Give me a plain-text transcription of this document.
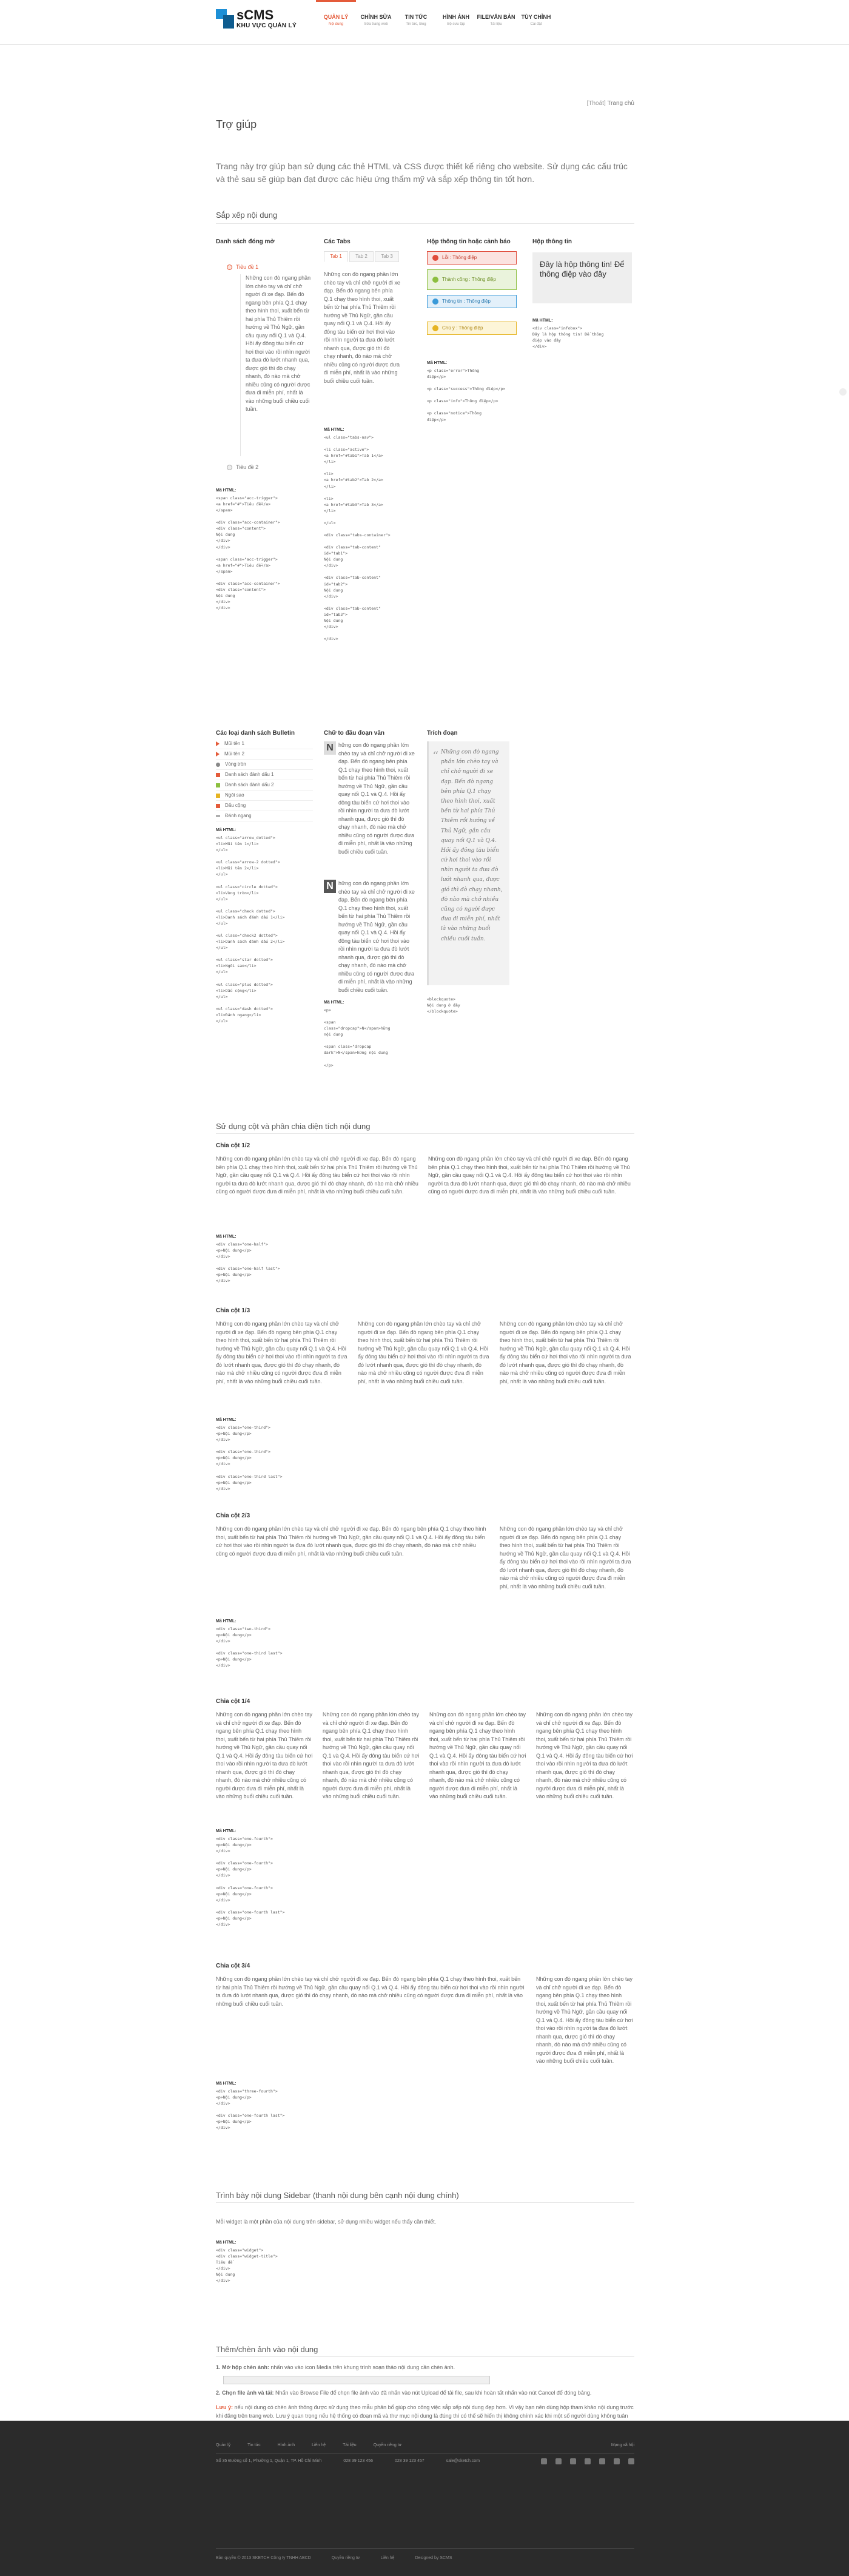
sCMS
KHU VỰC QUẢN LÝ
QUẢN LÝ
Nội dung
CHỈNH SỬA
Sửa trang web
TIN TỨC
Tin tức, blog
HÌNH ẢNH
Bộ sưu tập
FILE/VĂN BẢN
Tài liệu
TÙY CHỈNH
Cài đặt
[Thoát] Trang chủ
Trợ giúp

Trang này trợ giúp bạn sử dụng các thẻ HTML và CSS được thiết kế riêng cho website. Sử dụng các cấu trúc và thẻ sau sẽ giúp bạn đạt được các hiệu ứng thẩm mỹ và sắp xếp thông tin tốt hơn.

Sắp xếp nội dung
Danh sách đóng mở
Tiêu đề 1
Những con đò ngang phần lớn chèo tay và chỉ chở người đi xe đạp. Bến đò ngang bên phía Q.1 chạy theo hình thoi, xuất bến từ hai phía Thủ Thiêm rồi hướng về Thủ Ngữ, gần cầu quay nối Q.1 và Q.4. Hồi ấy đông tàu biển cứ hơi thoi vào rồi nhìn người ta đưa đò lướt nhanh qua, được gió thì đò chạy nhanh, đò nào mà chở nhiều cũng có người được đưa đi miễn phí, nhất là vào những buổi chiều cuối tuần.
Tiêu đề 2
Mã HTML:
<span class="acc-trigger">
<a href="#">Tiêu đề</a>
</span>

<div class="acc-container">
<div class="content">
Nội dung
</div>
</div>

<span class="acc-trigger">
<a href="#">Tiêu đề</a>
</span>

<div class="acc-container">
<div class="content">
Nội dung
</div>
</div>
Các Tabs
Tab 1	Tab 2	Tab 3
Những con đò ngang phần lớn chèo tay và chỉ chở người đi xe đạp. Bến đò ngang bên phía Q.1 chạy theo hình thoi, xuất bến từ hai phía Thủ Thiêm rồi hướng về Thủ Ngữ, gần cầu quay nối Q.1 và Q.4. Hồi ấy đông tàu biển cứ hơi thoi vào rồi nhìn người ta đưa đò lướt nhanh qua, được gió thì đò chạy nhanh, đò nào mà chở nhiều cũng có người được đưa đi miễn phí, nhất là vào những buổi chiều cuối tuần.
Mã HTML:
<ul class="tabs-nav">

<li class="active">
<a href="#tab1">Tab 1</a>
</li>

<li>
<a href="#tab2">Tab 2</a>
</li>

<li>
<a href="#tab3">Tab 3</a>
</li>

</ul>

<div class="tabs-container">

<div class="tab-content"
id="tab1">
Nội dung
</div>

<div class="tab-content"
id="tab2">
Nội dung
</div>

<div class="tab-content"
id="tab3">
Nội dung
</div>

</div>
Hộp thông tin hoặc cảnh báo
Lỗi : Thông điệp
Thành công : Thông điệp
Thông tin : Thông điệp
Chú ý : Thông điệp
Mã HTML:
<p class="error">Thông
điệp</p>

<p class="success">Thông điệp</p>

<p class="info">Thông điệp</p>

<p class="notice">Thông
điệp</p>
Hộp thông tin
Đây là hộp thông tin! Để thông điệp vào đây
Mã HTML:
<div class="infobox">
Đây là hộp thông tin! Để thông
điệp vào đây
</div>
Các loại danh sách Bulletin
Mũi tên 1
Mũi tên 2
Vòng tròn
Danh sách đánh dấu 1
Danh sách đánh dấu 2
Ngôi sao
Dấu cộng
Đánh ngang
Mã HTML:
<ul class="arrow_dotted">
<li>Mũi tên 1</li>
</ul>

<ul class="arrow-2 dotted">
<li>Mũi tên 2</li>
</ul>

<ul class="circle dotted">
<li>Vòng tròn</li>
</ul>

<ul class="check dotted">
<li>Danh sách đánh dấu 1</li>
</ul>

<ul class="check2 dotted">
<li>Danh sách đánh dấu 2</li>
</ul>

<ul class="star dotted">
<li>Ngôi sao</li>
</ul>

<ul class="plus dotted">
<li>Dấu cộng</li>
</ul>

<ul class="dash dotted">
<li>Đánh ngang</li>
</ul>
Chữ to đầu đoạn văn
N hững con đò ngang phần lớn chèo tay và chỉ chở người đi xe đạp. Bến đò ngang bên phía Q.1 chạy theo hình thoi, xuất bến từ hai phía Thủ Thiêm rồi hướng về Thủ Ngữ, gần cầu quay nối Q.1 và Q.4. Hồi ấy đông tàu biển cứ hơi thoi vào rồi nhìn người ta đưa đò lướt nhanh qua, được gió thì đò chạy nhanh, đò nào mà chở nhiều cũng có người được đưa đi miễn phí, nhất là vào những buổi chiều cuối tuần.
N hững con đò ngang phần lớn chèo tay và chỉ chở người đi xe đạp. Bến đò ngang bên phía Q.1 chạy theo hình thoi, xuất bến từ hai phía Thủ Thiêm rồi hướng về Thủ Ngữ, gần cầu quay nối Q.1 và Q.4. Hồi ấy đông tàu biển cứ hơi thoi vào rồi nhìn người ta đưa đò lướt nhanh qua, được gió thì đò chạy nhanh, đò nào mà chở nhiều cũng có người được đưa đi miễn phí, nhất là vào những buổi chiều cuối tuần.
Mã HTML:
<p>

<span
class="dropcap">N</span>hững
nội dung

<span class="dropcap
dark">N</span>hững nội dung

</p>
Trích đoạn
“ Những con đò ngang phần lớn chèo tay và chỉ chở người đi xe đạp. Bến đò ngang bên phía Q.1 chạy theo hình thoi, xuất bến từ hai phía Thủ Thiêm rồi hướng về Thủ Ngữ, gần cầu quay nối Q.1 và Q.4. Hồi ấy đông tàu biển cứ hơi thoi vào rồi nhìn người ta đưa đò lướt nhanh qua, được gió thì đò chạy nhanh, đò nào mà chở nhiều cũng có người được đưa đi miễn phí, nhất là vào những buổi chiều cuối tuần.
<blockquote>
Nội dung ở đây
</blockquote>
Sử dụng cột và phân chia diện tích nội dung
Chia cột 1/2
Những con đò ngang phần lớn chèo tay và chỉ chở người đi xe đạp. Bến đò ngang bên phía Q.1 chạy theo hình thoi, xuất bến từ hai phía Thủ Thiêm rồi hướng về Thủ Ngữ, gần cầu quay nối Q.1 và Q.4. Hồi ấy đông tàu biển cứ hơi thoi vào rồi nhìn người ta đưa đò lướt nhanh qua, được gió thì đò chạy nhanh, đò nào mà chở nhiều cũng có người được đưa đi miễn phí, nhất là vào những buổi chiều cuối tuần.
Những con đò ngang phần lớn chèo tay và chỉ chở người đi xe đạp. Bến đò ngang bên phía Q.1 chạy theo hình thoi, xuất bến từ hai phía Thủ Thiêm rồi hướng về Thủ Ngữ, gần cầu quay nối Q.1 và Q.4. Hồi ấy đông tàu biển cứ hơi thoi vào rồi nhìn người ta đưa đò lướt nhanh qua, được gió thì đò chạy nhanh, đò nào mà chở nhiều cũng có người được đưa đi miễn phí, nhất là vào những buổi chiều cuối tuần.
Mã HTML:
<div class="one-half">
<p>Nội dung</p>
</div>

<div class="one-half last">
<p>Nội dung</p>
</div>
Chia cột 1/3
Những con đò ngang phần lớn chèo tay và chỉ chở người đi xe đạp. Bến đò ngang bên phía Q.1 chạy theo hình thoi, xuất bến từ hai phía Thủ Thiêm rồi hướng về Thủ Ngữ, gần cầu quay nối Q.1 và Q.4. Hồi ấy đông tàu biển cứ hơi thoi vào rồi nhìn người ta đưa đò lướt nhanh qua, được gió thì đò chạy nhanh, đò nào mà chở nhiều cũng có người được đưa đi miễn phí, nhất là vào những buổi chiều cuối tuần.
Những con đò ngang phần lớn chèo tay và chỉ chở người đi xe đạp. Bến đò ngang bên phía Q.1 chạy theo hình thoi, xuất bến từ hai phía Thủ Thiêm rồi hướng về Thủ Ngữ, gần cầu quay nối Q.1 và Q.4. Hồi ấy đông tàu biển cứ hơi thoi vào rồi nhìn người ta đưa đò lướt nhanh qua, được gió thì đò chạy nhanh, đò nào mà chở nhiều cũng có người được đưa đi miễn phí, nhất là vào những buổi chiều cuối tuần.
Những con đò ngang phần lớn chèo tay và chỉ chở người đi xe đạp. Bến đò ngang bên phía Q.1 chạy theo hình thoi, xuất bến từ hai phía Thủ Thiêm rồi hướng về Thủ Ngữ, gần cầu quay nối Q.1 và Q.4. Hồi ấy đông tàu biển cứ hơi thoi vào rồi nhìn người ta đưa đò lướt nhanh qua, được gió thì đò chạy nhanh, đò nào mà chở nhiều cũng có người được đưa đi miễn phí, nhất là vào những buổi chiều cuối tuần.
Mã HTML:
<div class="one-third">
<p>Nội dung</p>
</div>

<div class="one-third">
<p>Nội dung</p>
</div>

<div class="one-third last">
<p>Nội dung</p>
</div>
Chia cột 2/3
Những con đò ngang phần lớn chèo tay và chỉ chở người đi xe đạp. Bến đò ngang bên phía Q.1 chạy theo hình thoi, xuất bến từ hai phía Thủ Thiêm rồi hướng về Thủ Ngữ, gần cầu quay nối Q.1 và Q.4. Hồi ấy đông tàu biển cứ hơi thoi vào rồi nhìn người ta đưa đò lướt nhanh qua, được gió thì đò chạy nhanh, đò nào mà chở nhiều cũng có người được đưa đi miễn phí, nhất là vào những buổi chiều cuối tuần.
Những con đò ngang phần lớn chèo tay và chỉ chở người đi xe đạp. Bến đò ngang bên phía Q.1 chạy theo hình thoi, xuất bến từ hai phía Thủ Thiêm rồi hướng về Thủ Ngữ, gần cầu quay nối Q.1 và Q.4. Hồi ấy đông tàu biển cứ hơi thoi vào rồi nhìn người ta đưa đò lướt nhanh qua, được gió thì đò chạy nhanh, đò nào mà chở nhiều cũng có người được đưa đi miễn phí, nhất là vào những buổi chiều cuối tuần.
Mã HTML:
<div class="two-third">
<p>Nội dung</p>
</div>

<div class="one-third last">
<p>Nội dung</p>
</div>
Chia cột 1/4
Những con đò ngang phần lớn chèo tay và chỉ chở người đi xe đạp. Bến đò ngang bên phía Q.1 chạy theo hình thoi, xuất bến từ hai phía Thủ Thiêm rồi hướng về Thủ Ngữ, gần cầu quay nối Q.1 và Q.4. Hồi ấy đông tàu biển cứ hơi thoi vào rồi nhìn người ta đưa đò lướt nhanh qua, được gió thì đò chạy nhanh, đò nào mà chở nhiều cũng có người được đưa đi miễn phí, nhất là vào những buổi chiều cuối tuần.
Những con đò ngang phần lớn chèo tay và chỉ chở người đi xe đạp. Bến đò ngang bên phía Q.1 chạy theo hình thoi, xuất bến từ hai phía Thủ Thiêm rồi hướng về Thủ Ngữ, gần cầu quay nối Q.1 và Q.4. Hồi ấy đông tàu biển cứ hơi thoi vào rồi nhìn người ta đưa đò lướt nhanh qua, được gió thì đò chạy nhanh, đò nào mà chở nhiều cũng có người được đưa đi miễn phí, nhất là vào những buổi chiều cuối tuần.
Những con đò ngang phần lớn chèo tay và chỉ chở người đi xe đạp. Bến đò ngang bên phía Q.1 chạy theo hình thoi, xuất bến từ hai phía Thủ Thiêm rồi hướng về Thủ Ngữ, gần cầu quay nối Q.1 và Q.4. Hồi ấy đông tàu biển cứ hơi thoi vào rồi nhìn người ta đưa đò lướt nhanh qua, được gió thì đò chạy nhanh, đò nào mà chở nhiều cũng có người được đưa đi miễn phí, nhất là vào những buổi chiều cuối tuần.
Những con đò ngang phần lớn chèo tay và chỉ chở người đi xe đạp. Bến đò ngang bên phía Q.1 chạy theo hình thoi, xuất bến từ hai phía Thủ Thiêm rồi hướng về Thủ Ngữ, gần cầu quay nối Q.1 và Q.4. Hồi ấy đông tàu biển cứ hơi thoi vào rồi nhìn người ta đưa đò lướt nhanh qua, được gió thì đò chạy nhanh, đò nào mà chở nhiều cũng có người được đưa đi miễn phí, nhất là vào những buổi chiều cuối tuần.
Mã HTML:
<div class="one-fourth">
<p>Nội dung</p>
</div>

<div class="one-fourth">
<p>Nội dung</p>
</div>

<div class="one-fourth">
<p>Nội dung</p>
</div>

<div class="one-fourth last">
<p>Nội dung</p>
</div>
Chia cột 3/4
Những con đò ngang phần lớn chèo tay và chỉ chở người đi xe đạp. Bến đò ngang bên phía Q.1 chạy theo hình thoi, xuất bến từ hai phía Thủ Thiêm rồi hướng về Thủ Ngữ, gần cầu quay nối Q.1 và Q.4. Hồi ấy đông tàu biển cứ hơi thoi vào rồi nhìn người ta đưa đò lướt nhanh qua, được gió thì đò chạy nhanh, đò nào mà chở nhiều cũng có người được đưa đi miễn phí, nhất là vào những buổi chiều cuối tuần.
Những con đò ngang phần lớn chèo tay và chỉ chở người đi xe đạp. Bến đò ngang bên phía Q.1 chạy theo hình thoi, xuất bến từ hai phía Thủ Thiêm rồi hướng về Thủ Ngữ, gần cầu quay nối Q.1 và Q.4. Hồi ấy đông tàu biển cứ hơi thoi vào rồi nhìn người ta đưa đò lướt nhanh qua, được gió thì đò chạy nhanh, đò nào mà chở nhiều cũng có người được đưa đi miễn phí, nhất là vào những buổi chiều cuối tuần.
Mã HTML:
<div class="three-fourth">
<p>Nội dung</p>
</div>

<div class="one-fourth last">
<p>Nội dung</p>
</div>
Trình bày nội dung Sidebar (thanh nội dung bên cạnh nội dung chính)
Mỗi widget là một phần của nội dung trên sidebar, sử dụng nhiều widget nếu thấy cần thiết.
Mã HTML:
<div class="widget">
<div class="widget-title">
Tiêu đề
</div>
Nội dung
</div>
Thêm/chèn ảnh vào nội dung
1. Mở hộp chèn ảnh: nhấn vào vào icon Media trên khung trình soạn thảo nội dung cần chèn ảnh.
2. Chọn file ảnh và tải: Nhấn vào Browse File để chọn file ảnh vào đã nhấn vào nút Upload để tải file, sau khi hoàn tất nhấn vào nút Cancel để đóng bảng.
Lưu ý: nếu nội dung có chèn ảnh thông được sử dụng theo mẫu phân bổ giúp cho công việc sắp xếp nội dung đẹp hơn. Vì vậy bạn nên dùng hộp tham khảo nội dung trước khi đăng trên trang web. Lưu ý quan trọng nếu hệ thống có đoạn mã và thư mục nội dung là đúng thì có thể sẽ hiển thị không chính xác khi một số người dùng không tuân
Quản lý	Tin tức	Hình ảnh	Liên hệ	Tài liệu	Quyền riêng tư	Mạng xã hội
Số 35 Đường số 1, Phường 1, Quận 1, TP. Hồ Chí Minh	028 39 123 456	028 39 123 457	sale@sketch.com
Bản quyền © 2013 SKETCH Công ty TNHH ABCD	Quyền riêng tư	Liên hệ	Designed by SCMS
